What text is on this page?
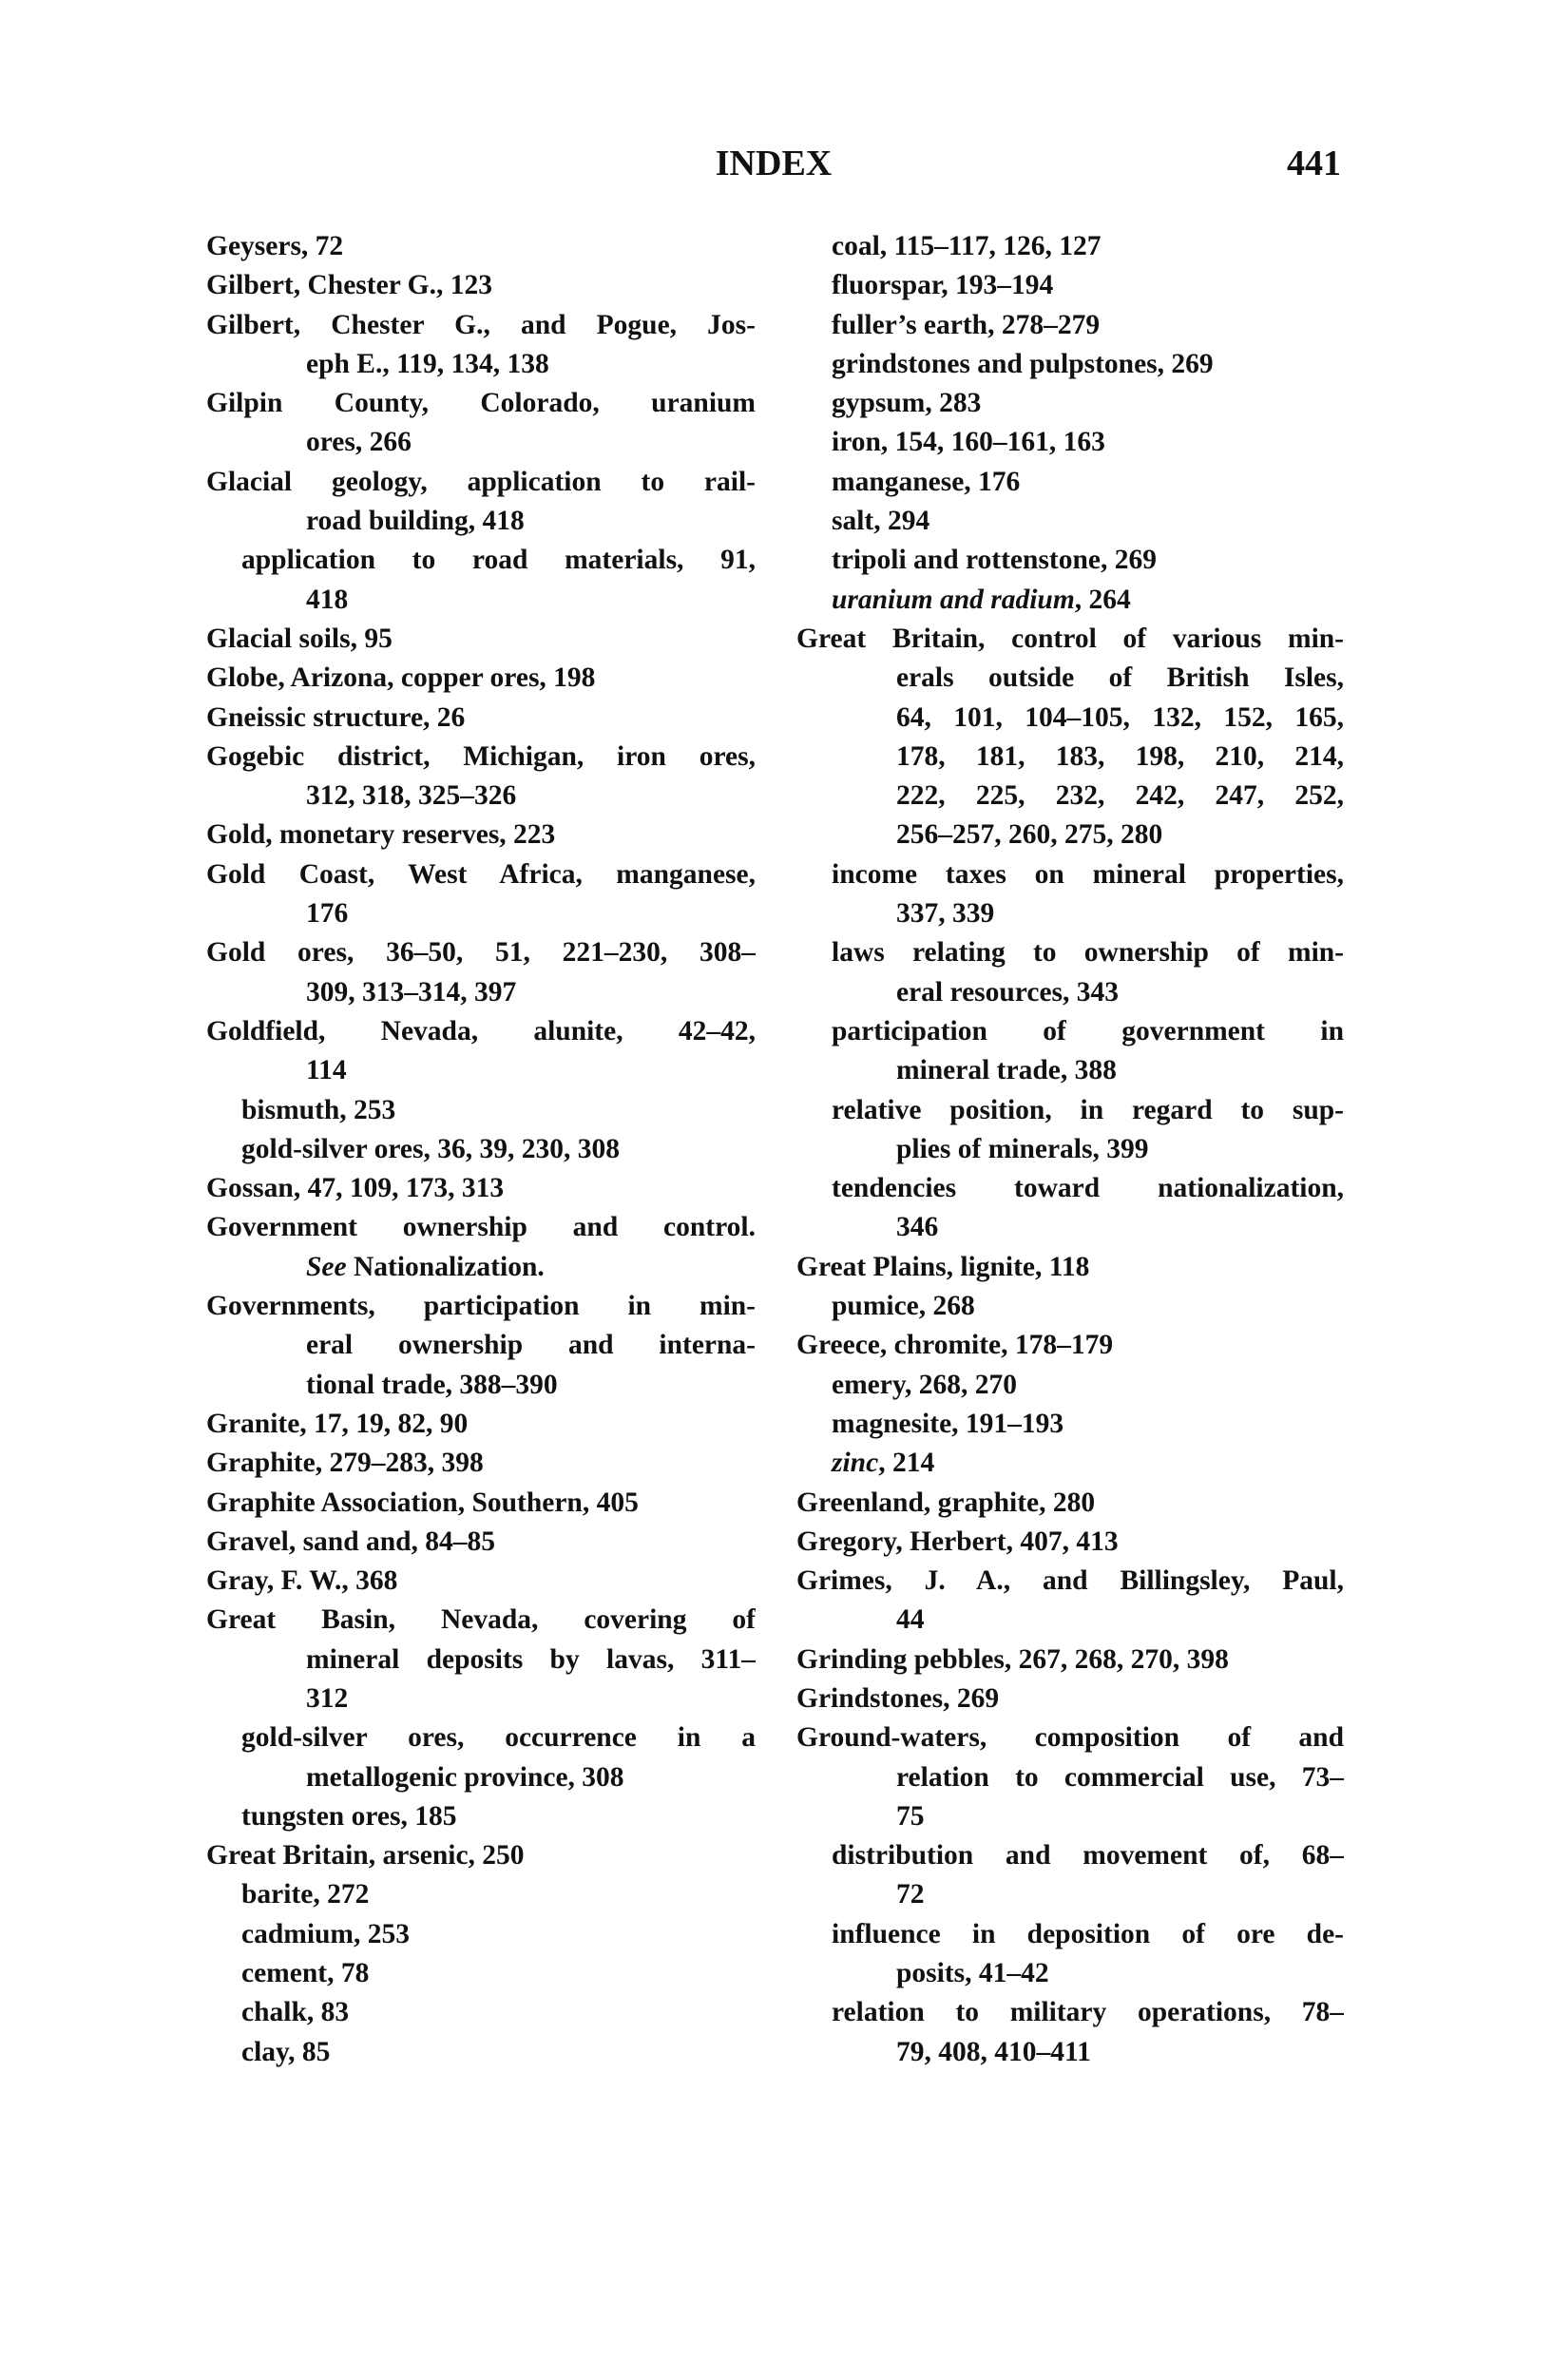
INDEX	441
Geysers, 72
Gilbert, Chester G., 123
Gilbert, Chester G., and Pogue, Jos-
eph E., 119, 134, 138
Gilpin County, Colorado, uranium
ores, 266
Glacial geology, application to rail-
road building, 418
application to road materials, 91,
418
Glacial soils, 95
Globe, Arizona, copper ores, 198
Gneissic structure, 26
Gogebic district, Michigan, iron ores,
312, 318, 325–326
Gold, monetary reserves, 223
Gold Coast, West Africa, manganese,
176
Gold ores, 36–50, 51, 221–230, 308–
309, 313–314, 397
Goldfield, Nevada, alunite, 42–42,
114
bismuth, 253
gold-silver ores, 36, 39, 230, 308
Gossan, 47, 109, 173, 313
Government ownership and control.
See Nationalization.
Governments, participation in min-
eral ownership and interna-
tional trade, 388–390
Granite, 17, 19, 82, 90
Graphite, 279–283, 398
Graphite Association, Southern, 405
Gravel, sand and, 84–85
Gray, F. W., 368
Great Basin, Nevada, covering of
mineral deposits by lavas, 311–
312
gold-silver ores, occurrence in a
metallogenic province, 308
tungsten ores, 185
Great Britain, arsenic, 250
barite, 272
cadmium, 253
cement, 78
chalk, 83
clay, 85
coal, 115–117, 126, 127
fluorspar, 193–194
fuller’s earth, 278–279
grindstones and pulpstones, 269
gypsum, 283
iron, 154, 160–161, 163
manganese, 176
salt, 294
tripoli and rottenstone, 269
uranium and radium, 264
Great Britain, control of various min-
erals outside of British Isles,
64, 101, 104–105, 132, 152, 165,
178, 181, 183, 198, 210, 214,
222, 225, 232, 242, 247, 252,
256–257, 260, 275, 280
income taxes on mineral properties,
337, 339
laws relating to ownership of min-
eral resources, 343
participation of government in
mineral trade, 388
relative position, in regard to sup-
plies of minerals, 399
tendencies toward nationalization,
346
Great Plains, lignite, 118
pumice, 268
Greece, chromite, 178–179
emery, 268, 270
magnesite, 191–193
zinc, 214
Greenland, graphite, 280
Gregory, Herbert, 407, 413
Grimes, J. A., and Billingsley, Paul,
44
Grinding pebbles, 267, 268, 270, 398
Grindstones, 269
Ground-waters, composition of and
relation to commercial use, 73–
75
distribution and movement of, 68–
72
influence in deposition of ore de-
posits, 41–42
relation to military operations, 78–
79, 408, 410–411
